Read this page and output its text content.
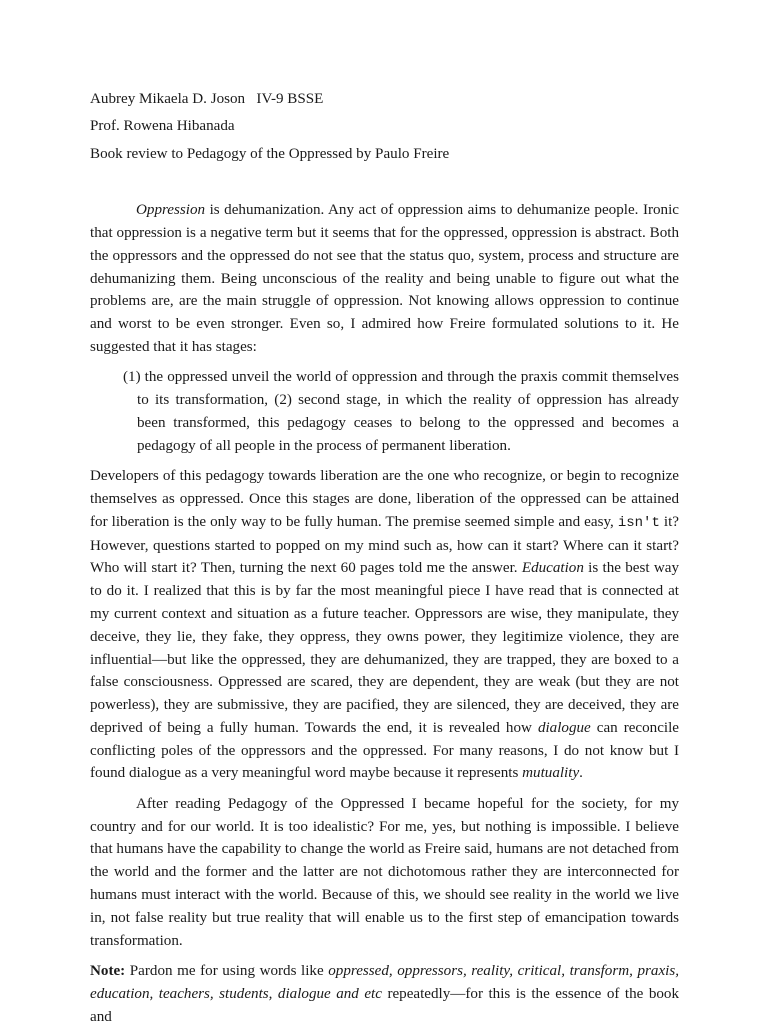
Aubrey Mikaela D. Joson   IV-9 BSSE
Prof. Rowena Hibanada
Book review to Pedagogy of the Oppressed by Paulo Freire

Oppression is dehumanization. Any act of oppression aims to dehumanize people. Ironic that oppression is a negative term but it seems that for the oppressed, oppression is abstract. Both the oppressors and the oppressed do not see that the status quo, system, process and structure are dehumanizing them. Being unconscious of the reality and being unable to figure out what the problems are, are the main struggle of oppression. Not knowing allows oppression to continue and worst to be even stronger. Even so, I admired how Freire formulated solutions to it. He suggested that it has stages:

(1) the oppressed unveil the world of oppression and through the praxis commit themselves to its transformation, (2) second stage, in which the reality of oppression has already been transformed, this pedagogy ceases to belong to the oppressed and becomes a pedagogy of all people in the process of permanent liberation.

Developers of this pedagogy towards liberation are the one who recognize, or begin to recognize themselves as oppressed. Once this stages are done, liberation of the oppressed can be attained for liberation is the only way to be fully human. The premise seemed simple and easy, isn't it? However, questions started to popped on my mind such as, how can it start? Where can it start? Who will start it? Then, turning the next 60 pages told me the answer. Education is the best way to do it. I realized that this is by far the most meaningful piece I have read that is connected at my current context and situation as a future teacher. Oppressors are wise, they manipulate, they deceive, they lie, they fake, they oppress, they owns power, they legitimize violence, they are influential—but like the oppressed, they are dehumanized, they are trapped, they are boxed to a false consciousness. Oppressed are scared, they are dependent, they are weak (but they are not powerless), they are submissive, they are pacified, they are silenced, they are deceived, they are deprived of being a fully human. Towards the end, it is revealed how dialogue can reconcile conflicting poles of the oppressors and the oppressed. For many reasons, I do not know but I found dialogue as a very meaningful word maybe because it represents mutuality.

After reading Pedagogy of the Oppressed I became hopeful for the society, for my country and for our world. It is too idealistic? For me, yes, but nothing is impossible. I believe that humans have the capability to change the world as Freire said, humans are not detached from the world and the former and the latter are not dichotomous rather they are interconnected for humans must interact with the world. Because of this, we should see reality in the world we live in, not false reality but true reality that will enable us to the first step of emancipation towards transformation.

Note: Pardon me for using words like oppressed, oppressors, reality, critical, transform, praxis, education, teachers, students, dialogue and etc repeatedly—for this is the essence of the book and
